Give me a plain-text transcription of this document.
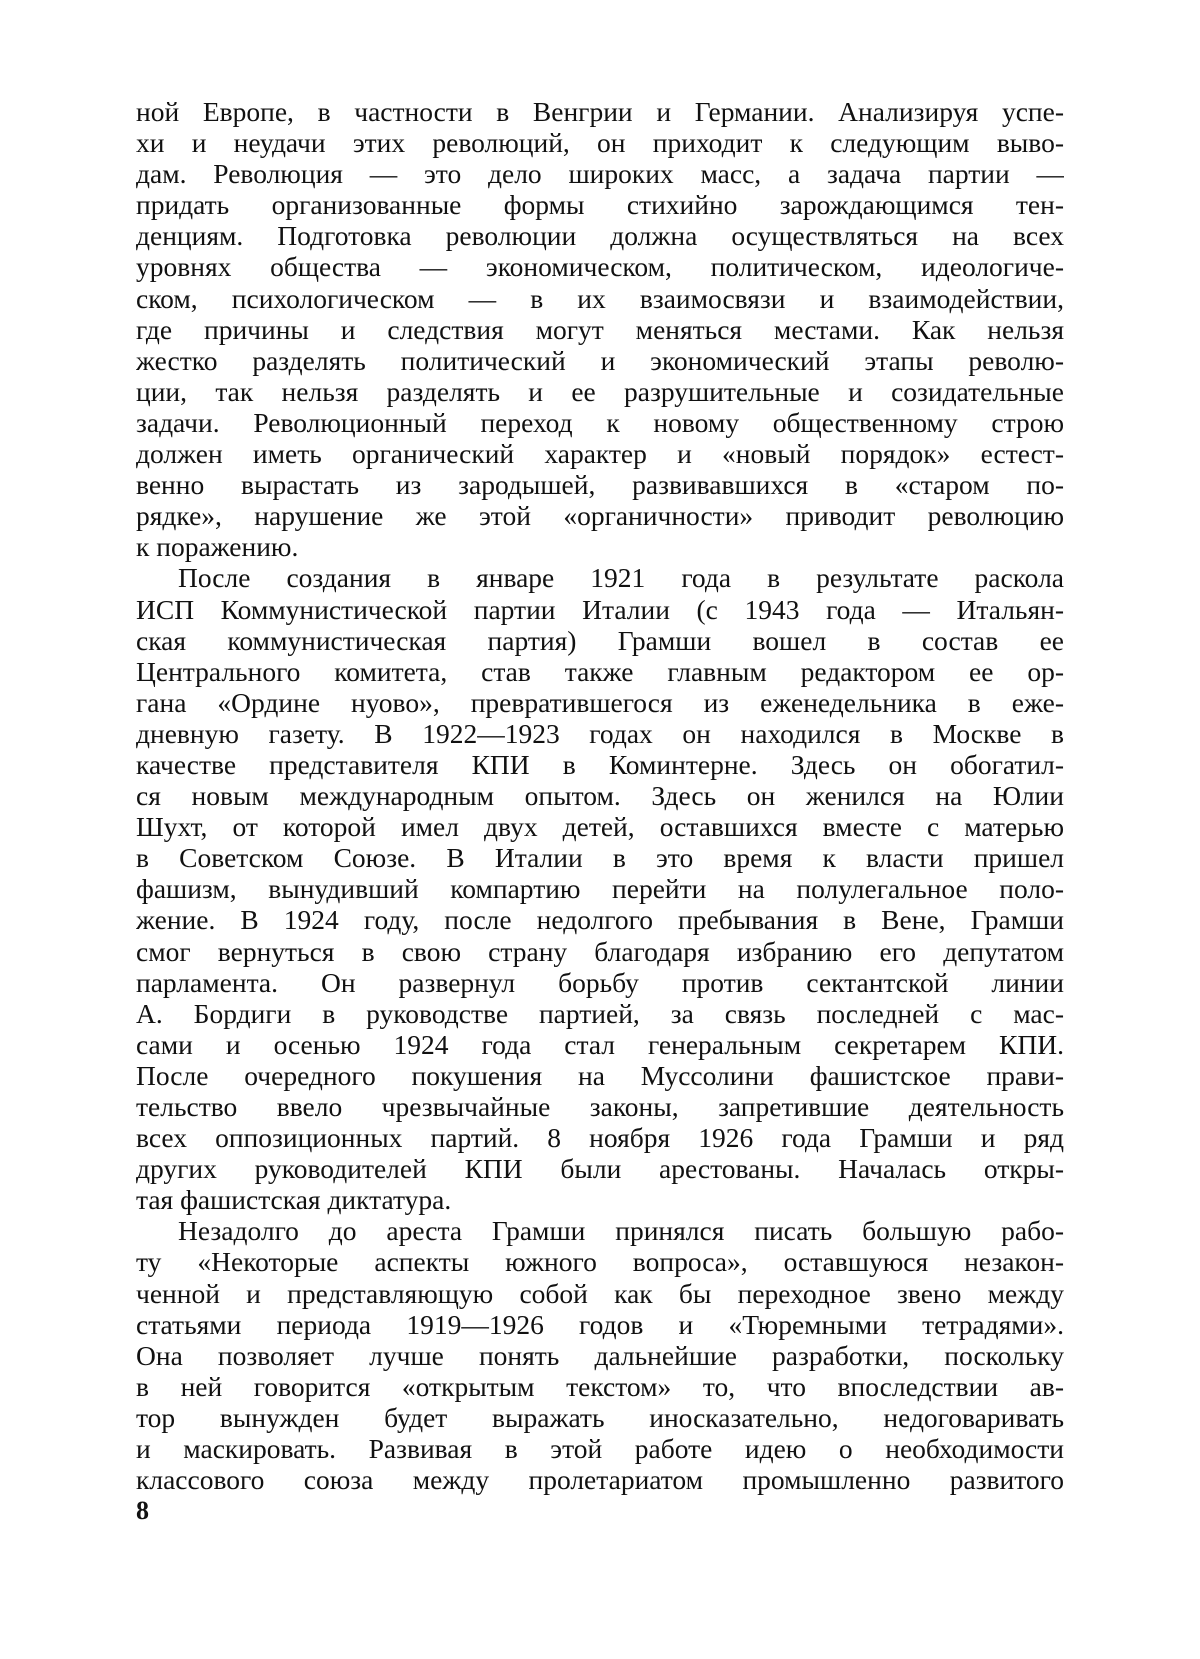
ной Европе, в частности в Венгрии и Германии. Анализируя успе-
хи и неудачи этих революций, он приходит к следующим выво-
дам. Революция — это дело широких масс, а задача партии —
придать организованные формы стихийно зарождающимся тен-
денциям. Подготовка революции должна осуществляться на всех
уровнях общества — экономическом, политическом, идеологиче-
ском, психологическом — в их взаимосвязи и взаимодействии,
где причины и следствия могут меняться местами. Как нельзя
жестко разделять политический и экономический этапы револю-
ции, так нельзя разделять и ее разрушительные и созидательные
задачи. Революционный переход к новому общественному строю
должен иметь органический характер и «новый порядок» естест-
венно вырастать из зародышей, развивавшихся в «старом по-
рядке», нарушение же этой «органичности» приводит революцию
к поражению.
После создания в январе 1921 года в результате раскола
ИСП Коммунистической партии Италии (с 1943 года — Итальян-
ская коммунистическая партия) Грамши вошел в состав ее
Центрального комитета, став также главным редактором ее ор-
гана «Ордине нуово», превратившегося из еженедельника в еже-
дневную газету. В 1922—1923 годах он находился в Москве в
качестве представителя КПИ в Коминтерне. Здесь он обогатил-
ся новым международным опытом. Здесь он женился на Юлии
Шухт, от которой имел двух детей, оставшихся вместе с матерью
в Советском Союзе. В Италии в это время к власти пришел
фашизм, вынудивший компартию перейти на полулегальное поло-
жение. В 1924 году, после недолгого пребывания в Вене, Грамши
смог вернуться в свою страну благодаря избранию его депутатом
парламента. Он развернул борьбу против сектантской линии
А. Бордиги в руководстве партией, за связь последней с мас-
сами и осенью 1924 года стал генеральным секретарем КПИ.
После очередного покушения на Муссолини фашистское прави-
тельство ввело чрезвычайные законы, запретившие деятельность
всех оппозиционных партий. 8 ноября 1926 года Грамши и ряд
других руководителей КПИ были арестованы. Началась откры-
тая фашистская диктатура.
Незадолго до ареста Грамши принялся писать большую рабо-
ту «Некоторые аспекты южного вопроса», оставшуюся незакон-
ченной и представляющую собой как бы переходное звено между
статьями периода 1919—1926 годов и «Тюремными тетрадями».
Она позволяет лучше понять дальнейшие разработки, поскольку
в ней говорится «открытым текстом» то, что впоследствии ав-
тор вынужден будет выражать иносказательно, недоговаривать
и маскировать. Развивая в этой работе идею о необходимости
классового союза между пролетариатом промышленно развитого
8
